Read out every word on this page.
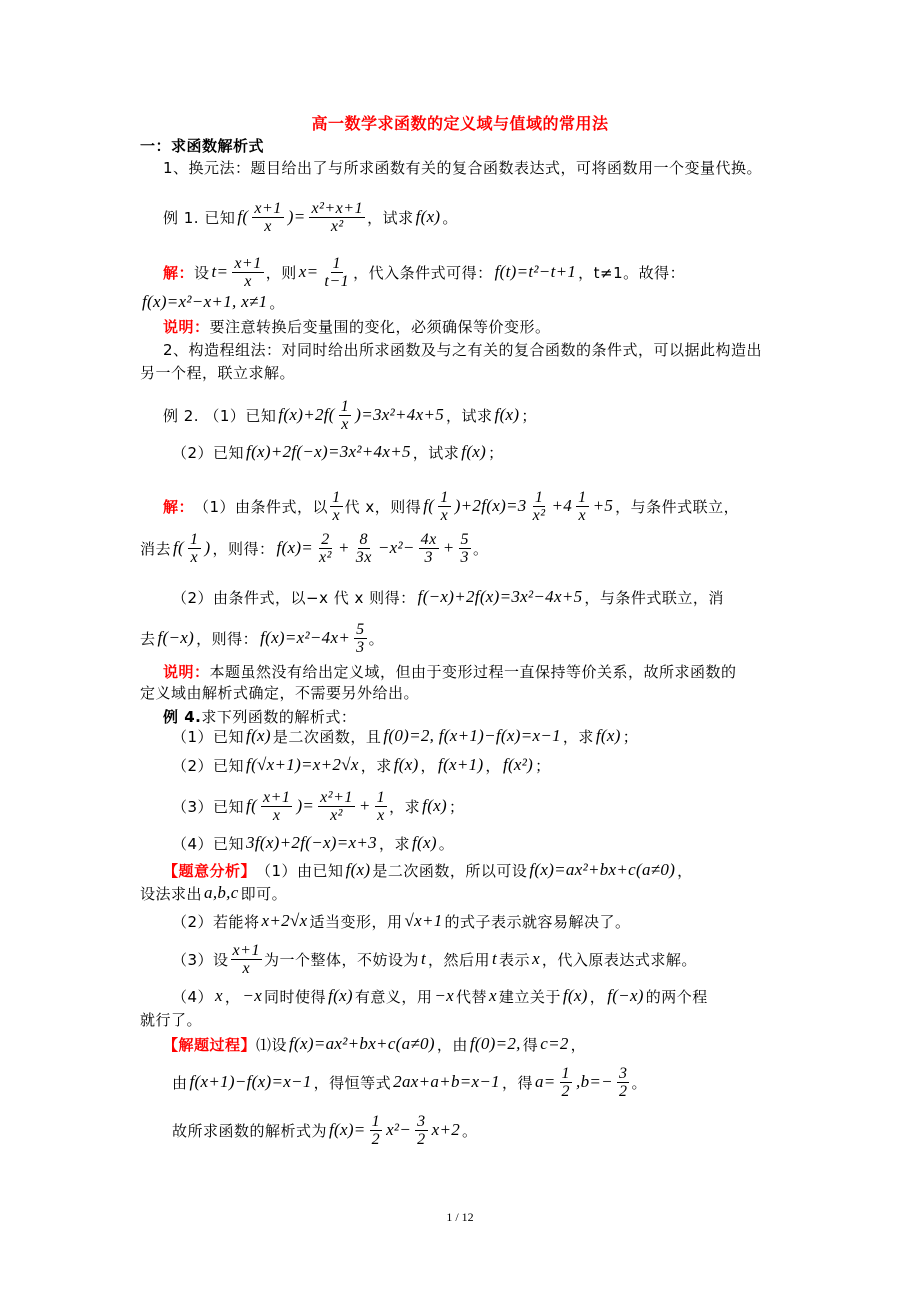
高一数学求函数的定义域与值域的常用法
一：求函数解析式
1、换元法：题目给出了与所求函数有关的复合函数表达式，可将函数用一个变量代换。
例 1. 已知 $f( \frac{x+1}{x}$ )= $\frac{\text{x²+x+1}}{\text{x²}}$ ，试求 f(x) 。
解： 设 $t= \frac{x+1}{x}$ ，则 $x= \frac{1}{t-1}$ ，代入条件式可得： f(t)=t²−t+1 ，t≠1。故得：
f(x)=x²−x+1, x≠1 。
说明： 要注意转换后变量围的变化，必须确保等价变形。
2、构造程组法：对同时给出所求函数及与之有关的复合函数的条件式，可以据此构造出
另一个程，联立求解。
例 2. （1）已知 $f(x)+2f( \frac{1}{x} )=3x^2+4x+5$ ，试求 f(x) ；
（2）已知 f(x)+2f(−x)=3x²+4x+5 ，试求 f(x) ；
解： （1）由条件式，以 $\frac{1}{x}$ 代 x，则得 $f( \frac{1}{x} )+2f(x)=3 \frac{1}{\text{x²}} +4 \frac{1}{x} +5$ ，与条件式联立，
消去 $f( \frac{1}{x}$ ) ，则得： $f(x)= \frac{2}{\text{x²}} + \frac{8}{3x} -x^2- \frac{4x}{3} + \frac{5}{3}$ 。
（2）由条件式，以−x 代 x 则得： f(−x)+2f(x)=3x²−4x+5 ，与条件式联立，消
去 f(−x) ，则得： $f(x)=x^2-4x+ \frac{5}{3}$ 。
说明： 本题虽然没有给出定义域，但由于变形过程一直保持等价关系，故所求函数的
定义域由解析式确定，不需要另外给出。
例 4. 求下列函数的解析式：
（1）已知 f(x) 是二次函数，且 f(0)=2, f(x+1)−f(x)=x−1 ，求 f(x) ；
（2）已知 f(√x+1)=x+2√x ，求 f(x) ， f(x+1) ， f(x²) ；
（3）已知 $f( \frac{x+1}{x}$ )= $\frac{\text{x²+1}}{\text{x²}} + \frac{1}{x}$ ，求 f(x) ；
（4）已知 3f(x)+2f(−x)=x+3 ，求 f(x) 。
【题意分析】 （1）由已知 f(x) 是二次函数，所以可设 f(x)=ax²+bx+c(a≠0) ，
设法求出 a,b,c 即可。
（2）若能将 x+2√x 适当变形，用 √x+1 的式子表示就容易解决了。
（3）设 $\frac{x+1}{x}$ 为一个整体，不妨设为 t ，然后用 t 表示 x ，代入原表达式求解。
（4） x ， −x 同时使得 f(x) 有意义，用 −x 代替 x 建立关于 f(x) ， f(−x) 的两个程
就行了。
【解题过程】 ⑴设 f(x)=ax²+bx+c(a≠0) ，由 f(0)=2, 得 c=2 ，
由 f(x+1)−f(x)=x−1 ，得恒等式 2ax+a+b=x−1 ，得 $a= \frac{1}{2} ,b=- \frac{3}{2}$ 。
故所求函数的解析式为 $f(x)= \frac{1}{2} x^2- \frac{3}{2} x+2$ 。
1 / 12
